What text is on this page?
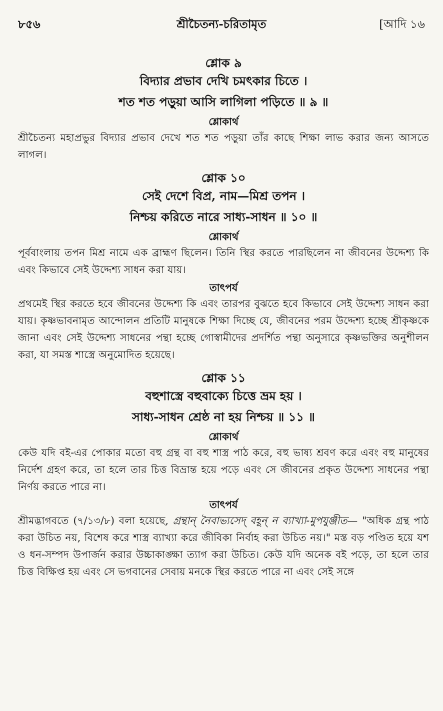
৮৫৬	শ্রীচৈতন্য-চরিতামৃত	[আদি ১৬
শ্লোক ৯
বিদ্যার প্রভাব দেখি চমৎকার চিতে ।
শত শত পড়ুয়া আসি লাগিলা পড়িতে ॥ ৯ ॥
শ্লোকার্থ
শ্রীচৈতন্য মহাপ্রভুর বিদ্যার প্রভাব দেখে শত শত পড়ুয়া তাঁর কাছে শিক্ষা লাভ করার জন্য আসতে লাগল।
শ্লোক ১০
সেই দেশে বিপ্র, নাম—মিশ্র তপন ।
নিশ্চয় করিতে নারে সাধ্য-সাধন ॥ ১০ ॥
শ্লোকার্থ
পূর্ববাংলায় তপন মিশ্র নামে এক ব্রাহ্মণ ছিলেন। তিনি স্থির করতে পারছিলেন না জীবনের উদ্দেশ্য কি এবং কিভাবে সেই উদ্দেশ্য সাধন করা যায়।
তাৎপর্য
প্রথমেই স্থির করতে হবে জীবনের উদ্দেশ্য কি এবং তারপর বুঝতে হবে কিভাবে সেই উদ্দেশ্য সাধন করা যায়। কৃষ্ণভাবনামৃত আন্দোলন প্রতিটি মানুষকে শিক্ষা দিচ্ছে যে, জীবনের পরম উদ্দেশ্য হচ্ছে শ্রীকৃষ্ণকে জানা এবং সেই উদ্দেশ্য সাধনের পন্থা হচ্ছে গোস্বামীদের প্রদর্শিত পন্থা অনুসারে কৃষ্ণভক্তির অনুশীলন করা, যা সমস্ত শাস্ত্রে অনুমোদিত হয়েছে।
শ্লোক ১১
বহুশাস্ত্রে বহুবাক্যে চিত্তে ভ্রম হয় ।
সাধ্য-সাধন শ্রেষ্ঠ না হয় নিশ্চয় ॥ ১১ ॥
শ্লোকার্থ
কেউ যদি বই-এর পোকার মতো বহু গ্রন্থ বা বহু শাস্ত্র পাঠ করে, বহু ভাষ্য শ্রবণ করে এবং বহু মানুষের নির্দেশ গ্রহণ করে, তা হলে তার চিত্ত বিভ্রান্ত হয়ে পড়ে এবং সে জীবনের প্রকৃত উদ্দেশ্য সাধনের পন্থা নির্ণয় করতে পারে না।
তাৎপর্য
শ্রীমদ্ভাগবতে (৭/১৩/৮) বলা হয়েছে, গ্রন্থান্ নৈবাভ্যসেদ্ বহূন্ ন ব্যাখ্যা-মুপযুঞ্জীত— "অধিক গ্রন্থ পাঠ করা উচিত নয়, বিশেষ করে শাস্ত্র ব্যাখ্যা করে জীবিকা নির্বাহ করা উচিত নয়।" মস্ত বড় পণ্ডিত হয়ে যশ ও ধন-সম্পদ উপার্জন করার উচ্চাকাঙ্ক্ষা ত্যাগ করা উচিত। কেউ যদি অনেক বই পড়ে, তা হলে তার চিত্ত বিক্ষিপ্ত হয় এবং সে ভগবানের সেবায় মনকে স্থির করতে পারে না এবং সেই সঙ্গে
